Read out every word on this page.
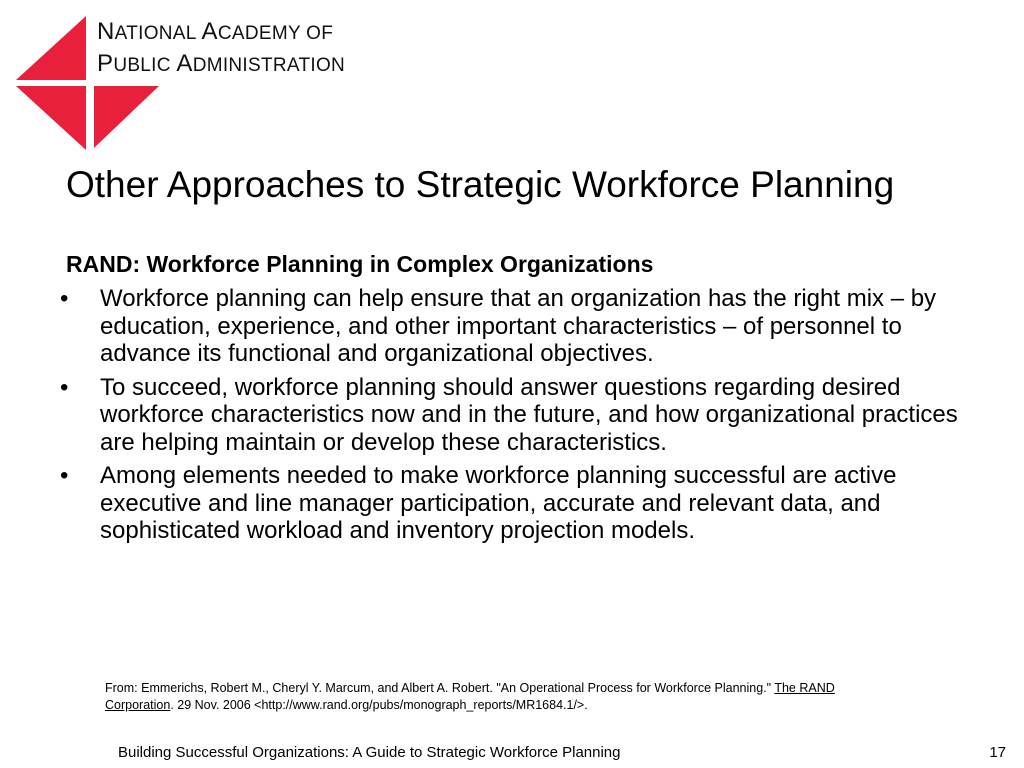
NATIONAL ACADEMY OF
PUBLIC ADMINISTRATION
Other Approaches to Strategic Workforce Planning
RAND: Workforce Planning in Complex Organizations
• Workforce planning can help ensure that an organization has the right mix – by education, experience, and other important characteristics – of personnel to advance its functional and organizational objectives.
• To succeed, workforce planning should answer questions regarding desired workforce characteristics now and in the future, and how organizational practices are helping maintain or develop these characteristics.
• Among elements needed to make workforce planning successful are active executive and line manager participation, accurate and relevant data, and sophisticated workload and inventory projection models.
From: Emmerichs, Robert M., Cheryl Y. Marcum, and Albert A. Robert. "An Operational Process for Workforce Planning." The RAND Corporation. 29 Nov. 2006 <http://www.rand.org/pubs/monograph_reports/MR1684.1/>.
Building Successful Organizations: A Guide to Strategic Workforce Planning	17
